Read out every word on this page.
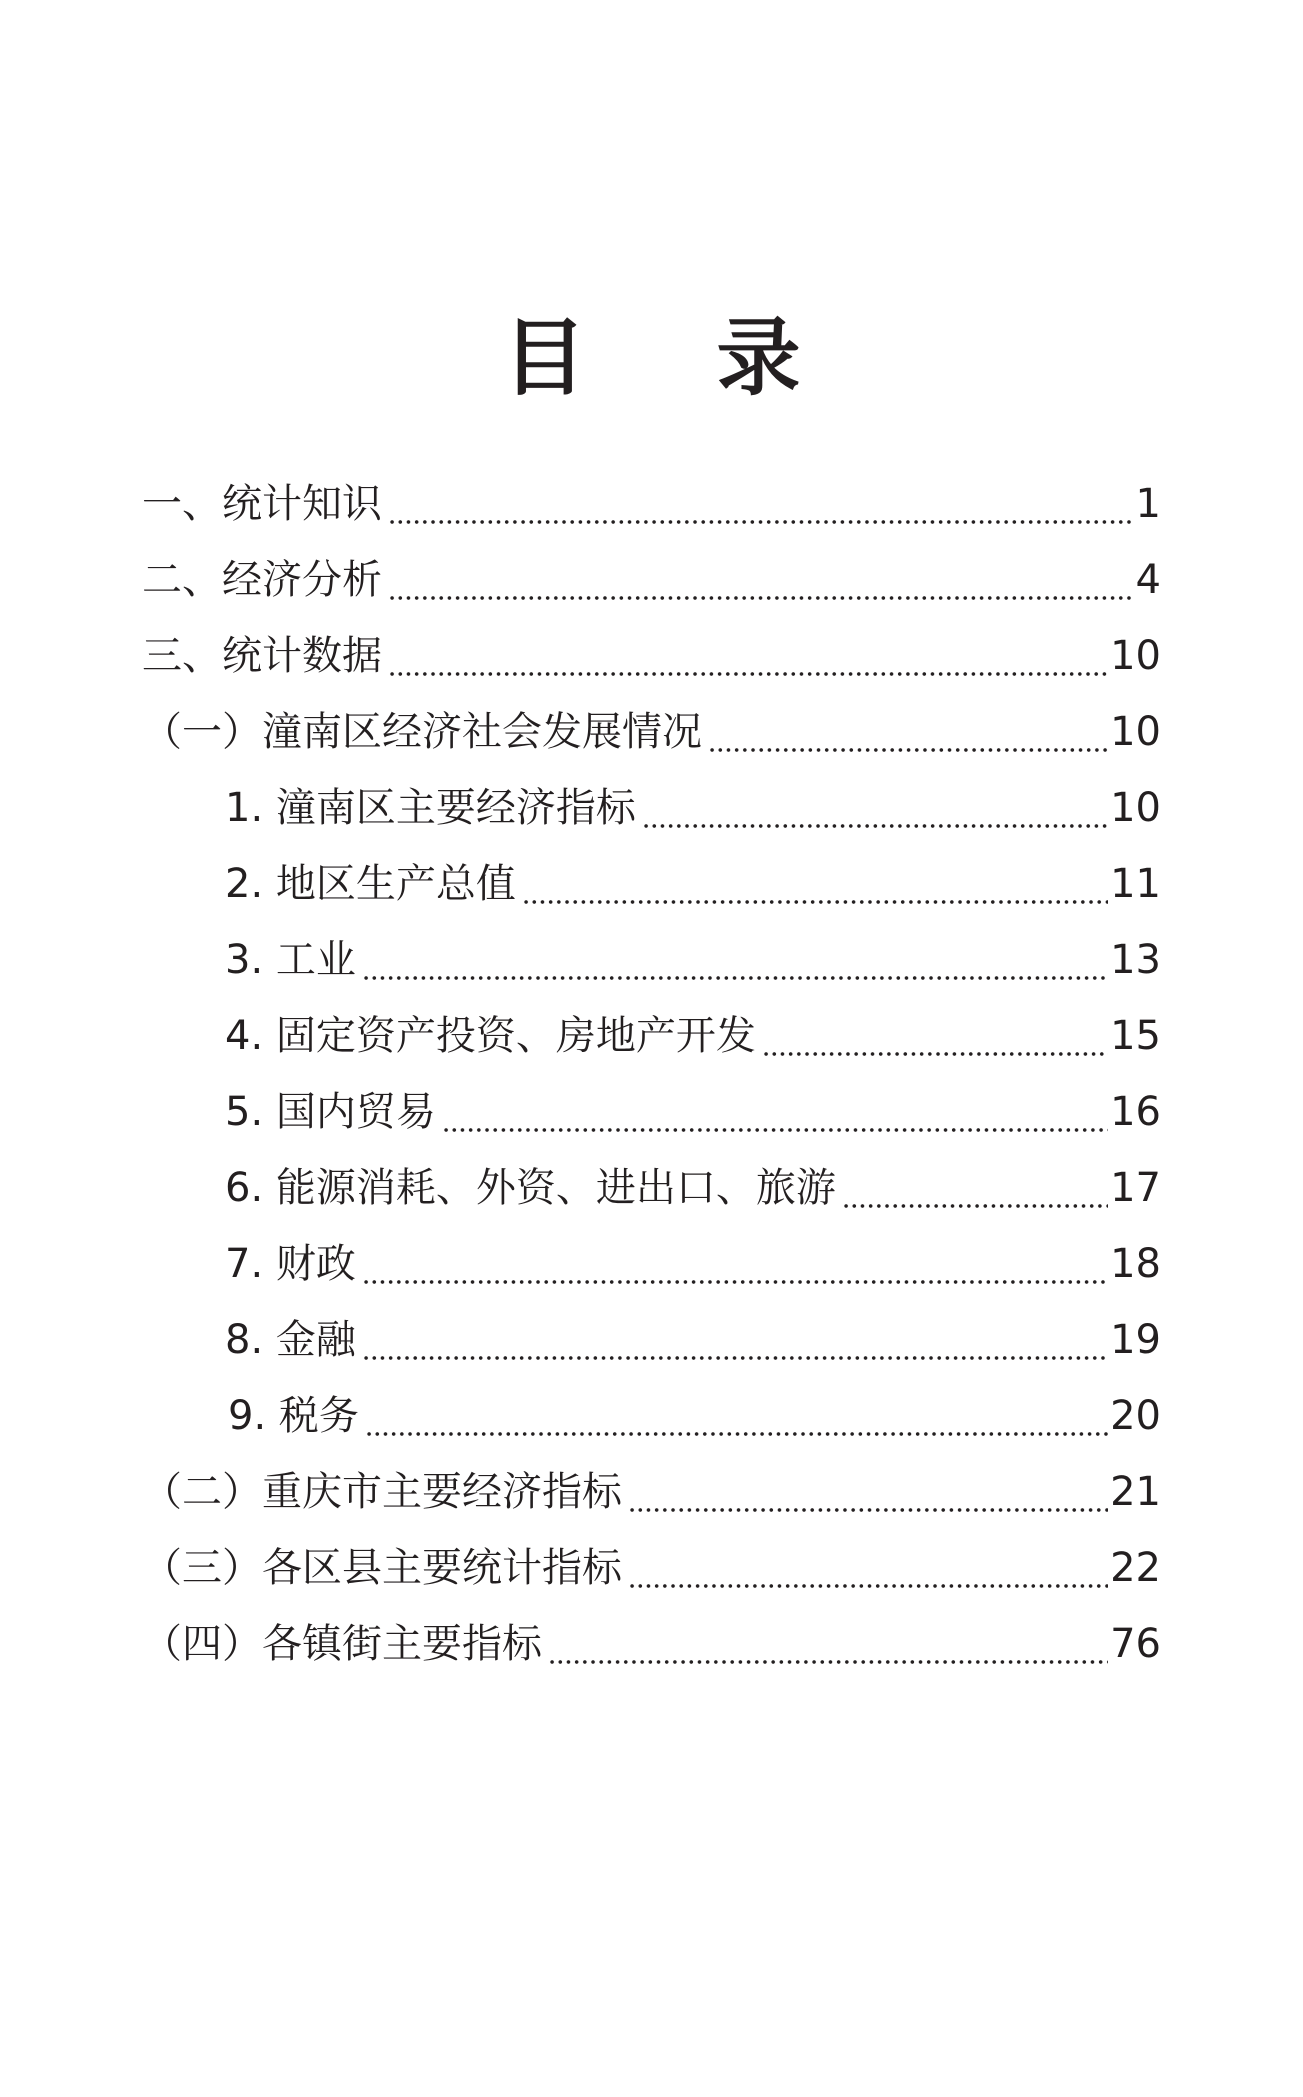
目 录
一、统计知识	1
二、经济分析	4
三、统计数据	10
（一）潼南区经济社会发展情况	10
1. 潼南区主要经济指标	10
2. 地区生产总值	11
3. 工业	13
4. 固定资产投资、房地产开发	15
5. 国内贸易	16
6. 能源消耗、外资、进出口、旅游	17
7. 财政	18
8. 金融	19
9. 税务	20
（二）重庆市主要经济指标	21
（三）各区县主要统计指标	22
（四）各镇街主要指标	76
